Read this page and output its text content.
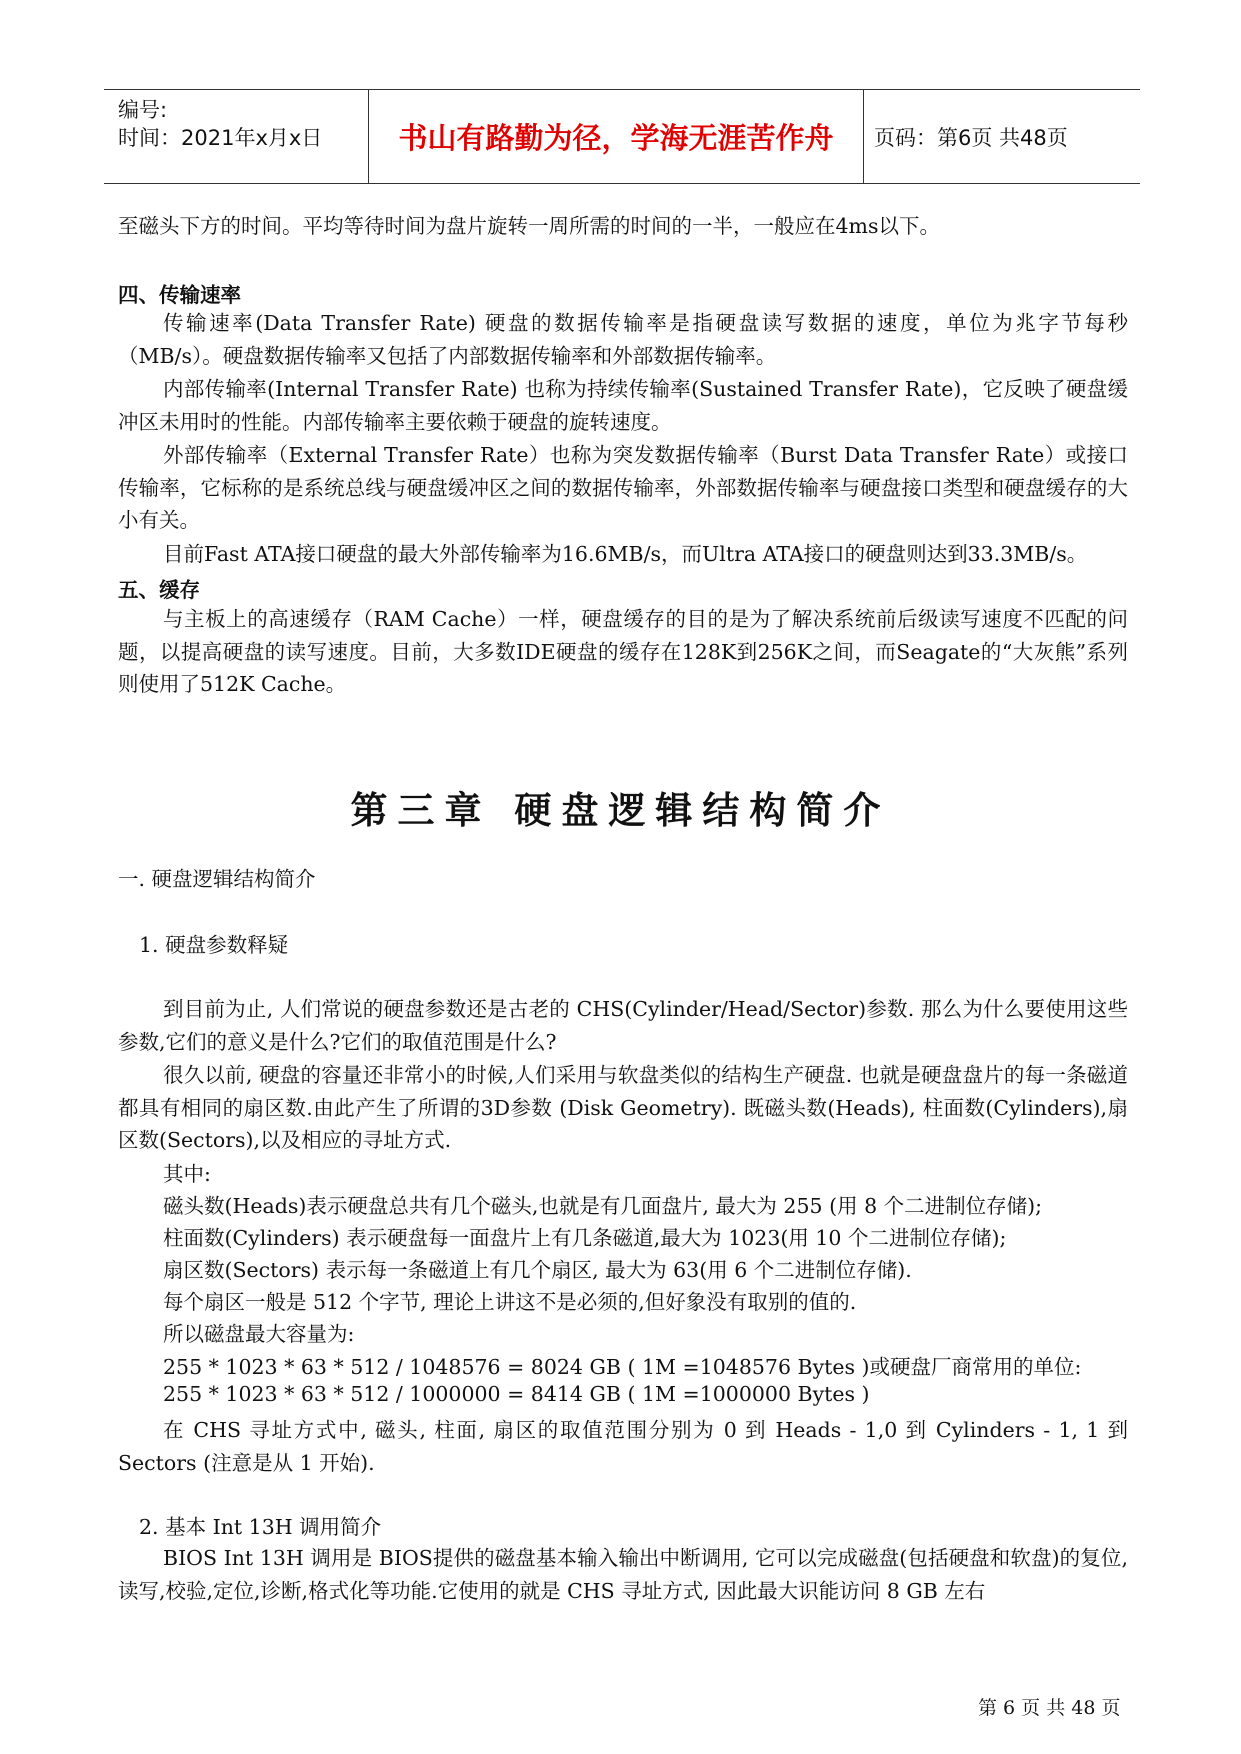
编号:
时间：2021年x月x日	书山有路勤为径，学海无涯苦作舟	页码：第6页 共48页

至磁头下方的时间。平均等待时间为盘片旋转一周所需的时间的一半，一般应在4ms以下。

四、传输速率

传输速率(Data Transfer Rate) 硬盘的数据传输率是指硬盘读写数据的速度，单位为兆字节每秒（MB/s）。硬盘数据传输率又包括了内部数据传输率和外部数据传输率。

内部传输率(Internal Transfer Rate) 也称为持续传输率(Sustained Transfer Rate)，它反映了硬盘缓冲区未用时的性能。内部传输率主要依赖于硬盘的旋转速度。

外部传输率（External Transfer Rate）也称为突发数据传输率（Burst Data Transfer Rate）或接口传输率，它标称的是系统总线与硬盘缓冲区之间的数据传输率，外部数据传输率与硬盘接口类型和硬盘缓存的大小有关。

目前Fast ATA接口硬盘的最大外部传输率为16.6MB/s，而Ultra ATA接口的硬盘则达到33.3MB/s。

五、缓存

与主板上的高速缓存（RAM Cache）一样，硬盘缓存的目的是为了解决系统前后级读写速度不匹配的问题，以提高硬盘的读写速度。目前，大多数IDE硬盘的缓存在128K到256K之间，而Seagate的“大灰熊”系列则使用了512K Cache。

第三章 硬盘逻辑结构简介
一. 硬盘逻辑结构简介
1. 硬盘参数释疑

到目前为止, 人们常说的硬盘参数还是古老的 CHS(Cylinder/Head/Sector)参数. 那么为什么要使用这些参数,它们的意义是什么?它们的取值范围是什么?

很久以前, 硬盘的容量还非常小的时候,人们采用与软盘类似的结构生产硬盘. 也就是硬盘盘片的每一条磁道都具有相同的扇区数.由此产生了所谓的3D参数 (Disk Geometry). 既磁头数(Heads), 柱面数(Cylinders),扇区数(Sectors),以及相应的寻址方式.

其中:
磁头数(Heads)表示硬盘总共有几个磁头,也就是有几面盘片, 最大为 255 (用 8 个二进制位存储);
柱面数(Cylinders) 表示硬盘每一面盘片上有几条磁道,最大为 1023(用 10 个二进制位存储);
扇区数(Sectors) 表示每一条磁道上有几个扇区, 最大为 63(用 6 个二进制位存储).
每个扇区一般是 512 个字节, 理论上讲这不是必须的,但好象没有取别的值的.
所以磁盘最大容量为:
255 * 1023 * 63 * 512 / 1048576 = 8024 GB ( 1M =1048576 Bytes )或硬盘厂商常用的单位:
255 * 1023 * 63 * 512 / 1000000 = 8414 GB ( 1M =1000000 Bytes )

在 CHS 寻址方式中, 磁头, 柱面, 扇区的取值范围分别为 0 到 Heads - 1,0 到 Cylinders - 1, 1 到 Sectors (注意是从 1 开始).

2. 基本 Int 13H 调用简介

BIOS Int 13H 调用是 BIOS提供的磁盘基本输入输出中断调用, 它可以完成磁盘(包括硬盘和软盘)的复位,读写,校验,定位,诊断,格式化等功能.它使用的就是 CHS 寻址方式, 因此最大识能访问 8 GB 左右

第 6 页 共 48 页
